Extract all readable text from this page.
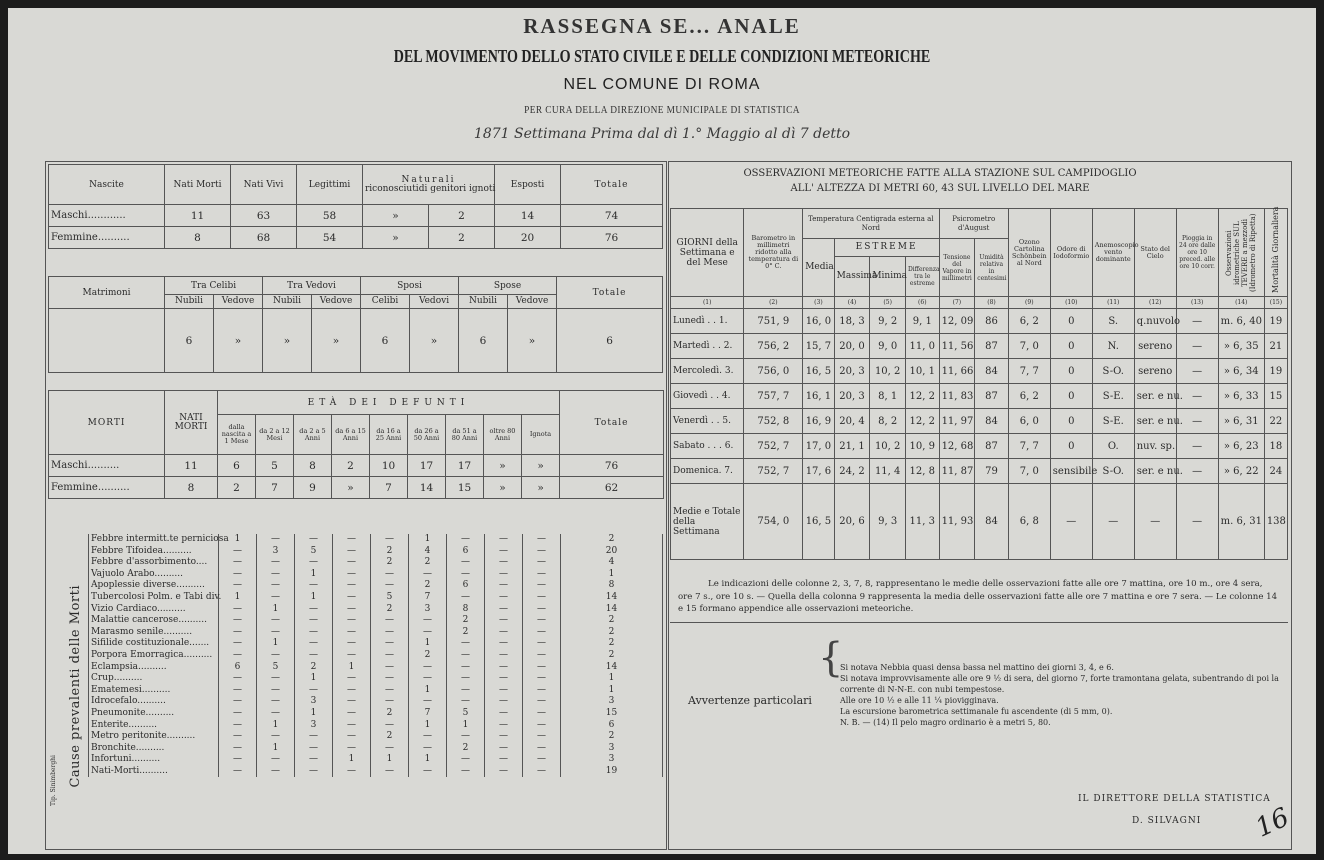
RASSEGNA SE... ANALE
DEL MOVIMENTO DELLO STATO CIVILE E DELLE CONDIZIONI METEORICHE
NEL COMUNE DI ROMA
PER CURA DELLA DIREZIONE MUNICIPALE DI STATISTICA
1871 Settimana Prima dal dì 1.° Maggio al dì 7 detto
Nascite	Nati Morti	Nati Vivi	Legittimi	Naturali
riconosciuti di genitori ignoti		Esposti	Totale
Maschi............	11	63	58	»	2	14	74
Femmine..........	8	68	54	»	2	20	76
Matrimoni	Tra Celibi		Tra Vedovi		Sposi		Spose		Totale
	Nubili	Vedove	Nubili	Vedove	Celibi	Vedovi	Nubili	Vedove	
	6	»	»	»	6	»	6	»	6
MORTI	NATI MORTI	ETÀ DEI DEFUNTI									Totale
		dalla nascita a 1 Mese	da 2 a 12 Mesi	da 2 a 5 Anni	da 6 a 15 Anni	da 16 a 25 Anni	da 26 a 50 Anni	da 51 a 80 Anni	oltre 80 Anni	Ignota	
Maschi..........	11	6	5	8	2	10	17	17	»	»	76
Femmine..........	8	2	7	9	»	7	14	15	»	»	62
Tip. Sinimberghi Cause prevalenti delle Morti
Febbre intermitt.te perniciosa	1	—	—	—	—	1	—	—	—	2
Febbre Tifoidea..........	—	3	5	—	2	4	6	—	—	20
Febbre d'assorbimento....	—	—	—	—	2	2	—	—	—	4
Vajuolo Arabo..........	—	—	1	—	—	—	—	—	—	1
Apoplessie diverse..........	—	—	—	—	—	2	6	—	—	8
Tubercolosi Polm. e Tabi div.	1	—	1	—	5	7	—	—	—	14
Vizio Cardiaco..........	—	1	—	—	2	3	8	—	—	14
Malattie cancerose..........	—	—	—	—	—	—	2	—	—	2
Marasmo senile..........	—	—	—	—	—	—	2	—	—	2
Sifilide costituzionale.......	—	1	—	—	—	1	—	—	—	2
Porpora Emorragica..........	—	—	—	—	—	2	—	—	—	2
Eclampsia..........	6	5	2	1	—	—	—	—	—	14
Crup..........	—	—	1	—	—	—	—	—	—	1
Ematemesi..........	—	—	—	—	—	1	—	—	—	1
Idrocefalo..........	—	—	3	—	—	—	—	—	—	3
Pneumonite..........	—	—	1	—	2	7	5	—	—	15
Enterite..........	—	1	3	—	—	1	1	—	—	6
Metro peritonite..........	—	—	—	—	2	—	—	—	—	2
Bronchite..........	—	1	—	—	—	—	2	—	—	3
Infortuni..........	—	—	—	1	1	1	—	—	—	3
Nati-Morti..........	—	—	—	—	—	—	—	—	—	19
OSSERVAZIONI METEORICHE FATTE ALLA STAZIONE SUL CAMPIDOGLIO
ALL' ALTEZZA DI METRI 60, 43 SUL LIVELLO DEL MARE
GIORNI della Settimana e del Mese	Barometro in millimetri ridotto alla temperatura di 0° C.	Temperatura Centigrada esterna al Nord				Psicrometro d'August		Ozono Cartolina Schönbein al Nord	Odore di Iodoformio	Anemoscopio vento dominante	Stato del Cielo	Pioggia in 24 ore dalle ore 10 preced. alle ore 10 corr.	Osservazioni idrometriche SUL TEVERE a mezzodì (Idrometro di Ripetta)	Mortalità Giornaliera

		Media	ESTREME			Tensione del Vapore in millimetri	Umidità relativa in centesimi							
			Massima	Minima	Differenza tra le estreme									
(1)	(2)	(3)	(4)	(5)	(6)	(7)	(8)	(9)	(10)	(11)	(12)	(13)	(14)	(15)
Lunedì . . 1.	751, 9	16, 0	18, 3	9, 2	9, 1	12, 09	86	6, 2	0	S.	q.nuvolo	—	m. 6, 40	19
Martedì . . 2.	756, 2	15, 7	20, 0	9, 0	11, 0	11, 56	87	7, 0	0	N.	sereno	—	» 6, 35	21
Mercoledì. 3.	756, 0	16, 5	20, 3	10, 2	10, 1	11, 66	84	7, 7	0	S-O.	sereno	—	» 6, 34	19
Giovedì . . 4.	757, 7	16, 1	20, 3	8, 1	12, 2	11, 83	87	6, 2	0	S-E.	ser. e nu.	—	» 6, 33	15
Venerdì . . 5.	752, 8	16, 9	20, 4	8, 2	12, 2	11, 97	84	6, 0	0	S-E.	ser. e nu.	—	» 6, 31	22
Sabato . . . 6.	752, 7	17, 0	21, 1	10, 2	10, 9	12, 68	87	7, 7	0	O.	nuv. sp.	—	» 6, 23	18
Domenica. 7.	752, 7	17, 6	24, 2	11, 4	12, 8	11, 87	79	7, 0	sensibile	S-O.	ser. e nu.	—	» 6, 22	24
Medie e Totale della Settimana	754, 0	16, 5	20, 6	9, 3	11, 3	11, 93	84	6, 8	—	—	—	—	m. 6, 31	138
Le indicazioni delle colonne 2, 3, 7, 8, rappresentano le medie delle osservazioni fatte alle ore 7 mattina, ore 10 m., ore 4 sera, ore 7 s., ore 10 s. — Quella della colonna 9 rappresenta la media delle osservazioni fatte alle ore 7 mattina e ore 7 sera. — Le colonne 14 e 15 formano appendice alle osservazioni meteoriche.
Avvertenze particolari
{
Si notava Nebbia quasi densa bassa nel mattino dei giorni 3, 4, e 6.
Si notava improvvisamente alle ore 9 ½ di sera, del giorno 7, forte tramontana gelata, subentrando di poi la corrente di N-N-E. con nubi tempestose.
Alle ore 10 ½ e alle 11 ¼ piovigginava.
La escursione barometrica settimanale fu ascendente (di 5 mm, 0).
N. B. — (14) Il pelo magro ordinario è a metri 5, 80.
IL DIRETTORE DELLA STATISTICA
D. SILVAGNI 16
